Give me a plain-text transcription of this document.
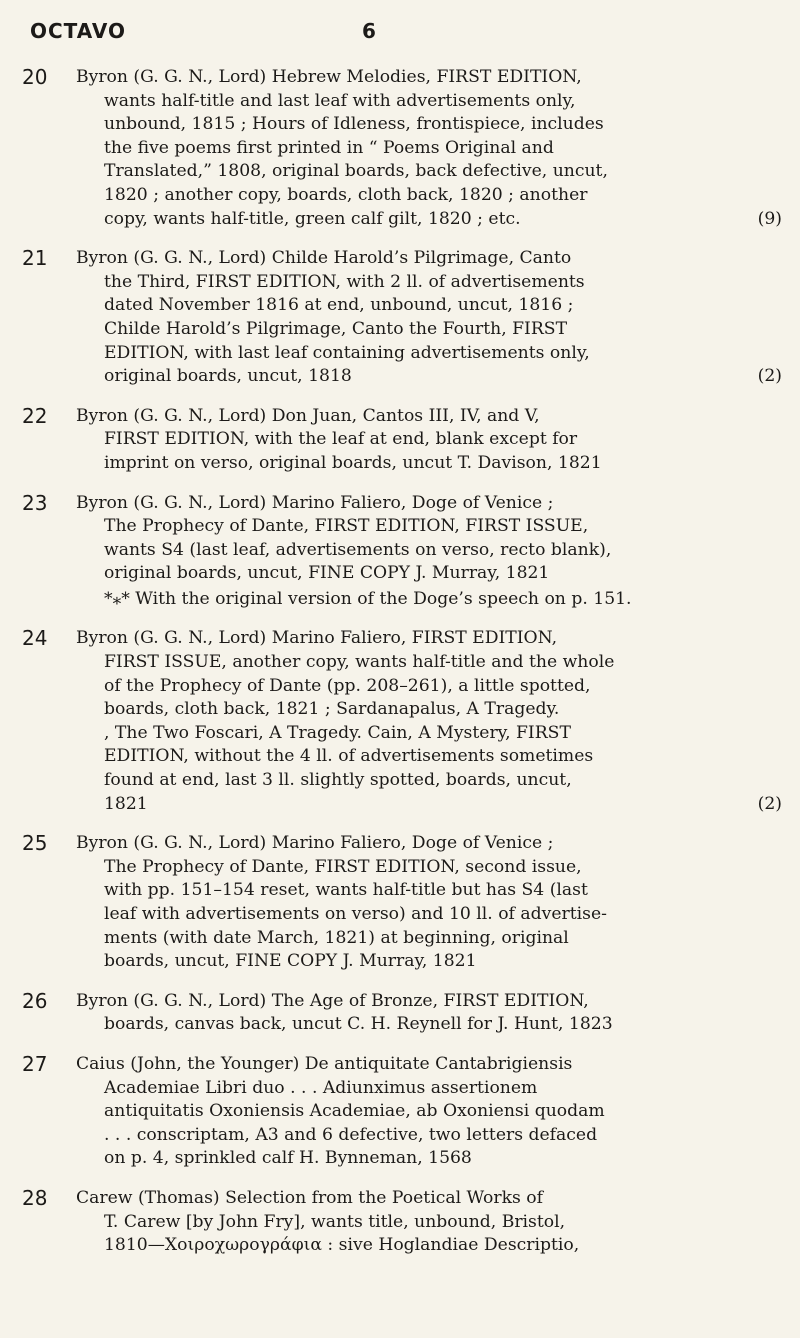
OCTAVO	6
20	Byron (G. G. N., Lord) Hebrew Melodies, FIRST EDITION,
wants half-title and last leaf with advertisements only,
unbound, 1815 ; Hours of Idleness, frontispiece, includes
the five poems first printed in “ Poems Original and
Translated,” 1808, original boards, back defective, uncut,
1820 ; another copy, boards, cloth back, 1820 ; another
copy, wants half-title, green calf gilt, 1820 ; etc.	(9)
21	Byron (G. G. N., Lord) Childe Harold’s Pilgrimage, Canto
the Third, FIRST EDITION, with 2 ll. of advertisements
dated November 1816 at end, unbound, uncut, 1816 ;
Childe Harold’s Pilgrimage, Canto the Fourth, FIRST
EDITION, with last leaf containing advertisements only,
original boards, uncut, 1818	(2)
22	Byron (G. G. N., Lord) Don Juan, Cantos III, IV, and V,
FIRST EDITION, with the leaf at end, blank except for
imprint on verso, original boards, uncut T. Davison, 1821
23	Byron (G. G. N., Lord) Marino Faliero, Doge of Venice ;
The Prophecy of Dante, FIRST EDITION, FIRST ISSUE,
wants S4 (last leaf, advertisements on verso, recto blank),
original boards, uncut, FINE COPY J. Murray, 1821
*⁎* With the original version of the Doge’s speech on p. 151.
24	Byron (G. G. N., Lord) Marino Faliero, FIRST EDITION,
FIRST ISSUE, another copy, wants half-title and the whole
of the Prophecy of Dante (pp. 208–261), a little spotted,
boards, cloth back, 1821 ; Sardanapalus, A Tragedy.
, The Two Foscari, A Tragedy. Cain, A Mystery, FIRST
EDITION, without the 4 ll. of advertisements sometimes
found at end, last 3 ll. slightly spotted, boards, uncut,
1821	(2)
25	Byron (G. G. N., Lord) Marino Faliero, Doge of Venice ;
The Prophecy of Dante, FIRST EDITION, second issue,
with pp. 151–154 reset, wants half-title but has S4 (last
leaf with advertisements on verso) and 10 ll. of advertise-
ments (with date March, 1821) at beginning, original
boards, uncut, FINE COPY J. Murray, 1821
26	Byron (G. G. N., Lord) The Age of Bronze, FIRST EDITION,
boards, canvas back, uncut C. H. Reynell for J. Hunt, 1823
27	Caius (John, the Younger) De antiquitate Cantabrigiensis
Academiae Libri duo . . . Adiunximus assertionem
antiquitatis Oxoniensis Academiae, ab Oxoniensi quodam
. . . conscriptam, A3 and 6 defective, two letters defaced
on p. 4, sprinkled calf H. Bynneman, 1568
28	Carew (Thomas) Selection from the Poetical Works of
T. Carew [by John Fry], wants title, unbound, Bristol,
1810—Χοιροχωρογράφια : sive Hoglandiae Descriptio,
